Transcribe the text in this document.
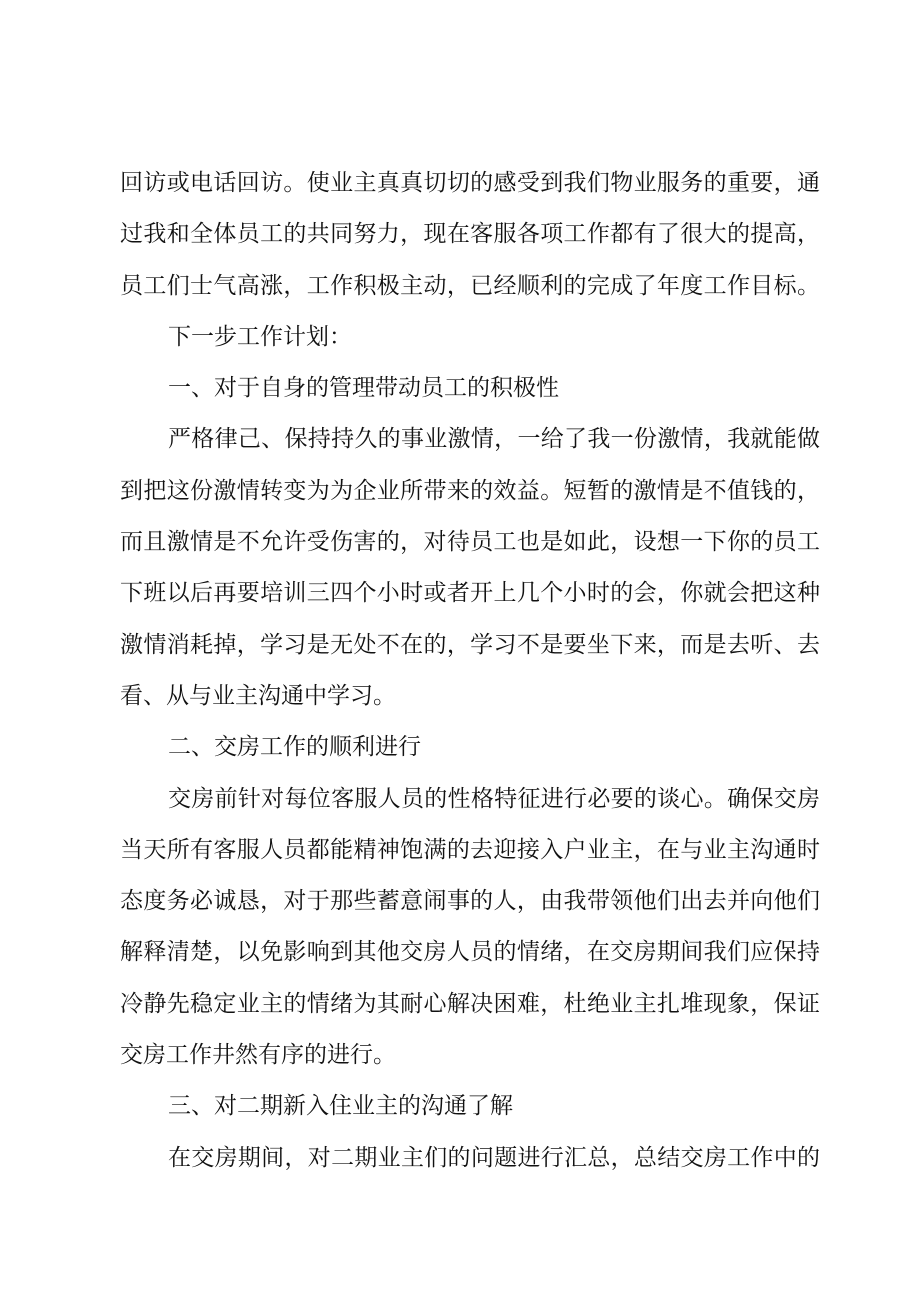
回访或电话回访。使业主真真切切的感受到我们物业服务的重要，通
过我和全体员工的共同努力，现在客服各项工作都有了很大的提高，
员工们士气高涨，工作积极主动，已经顺利的完成了年度工作目标。
下一步工作计划：
一、对于自身的管理带动员工的积极性
严格律己、保持持久的事业激情，一给了我一份激情，我就能做
到把这份激情转变为为企业所带来的效益。短暂的激情是不值钱的，
而且激情是不允许受伤害的，对待员工也是如此，设想一下你的员工
下班以后再要培训三四个小时或者开上几个小时的会，你就会把这种
激情消耗掉，学习是无处不在的，学习不是要坐下来，而是去听、去
看、从与业主沟通中学习。
二、交房工作的顺利进行
交房前针对每位客服人员的性格特征进行必要的谈心。确保交房
当天所有客服人员都能精神饱满的去迎接入户业主，在与业主沟通时
态度务必诚恳，对于那些蓄意闹事的人，由我带领他们出去并向他们
解释清楚，以免影响到其他交房人员的情绪，在交房期间我们应保持
冷静先稳定业主的情绪为其耐心解决困难，杜绝业主扎堆现象，保证
交房工作井然有序的进行。
三、对二期新入住业主的沟通了解
在交房期间，对二期业主们的问题进行汇总，总结交房工作中的
